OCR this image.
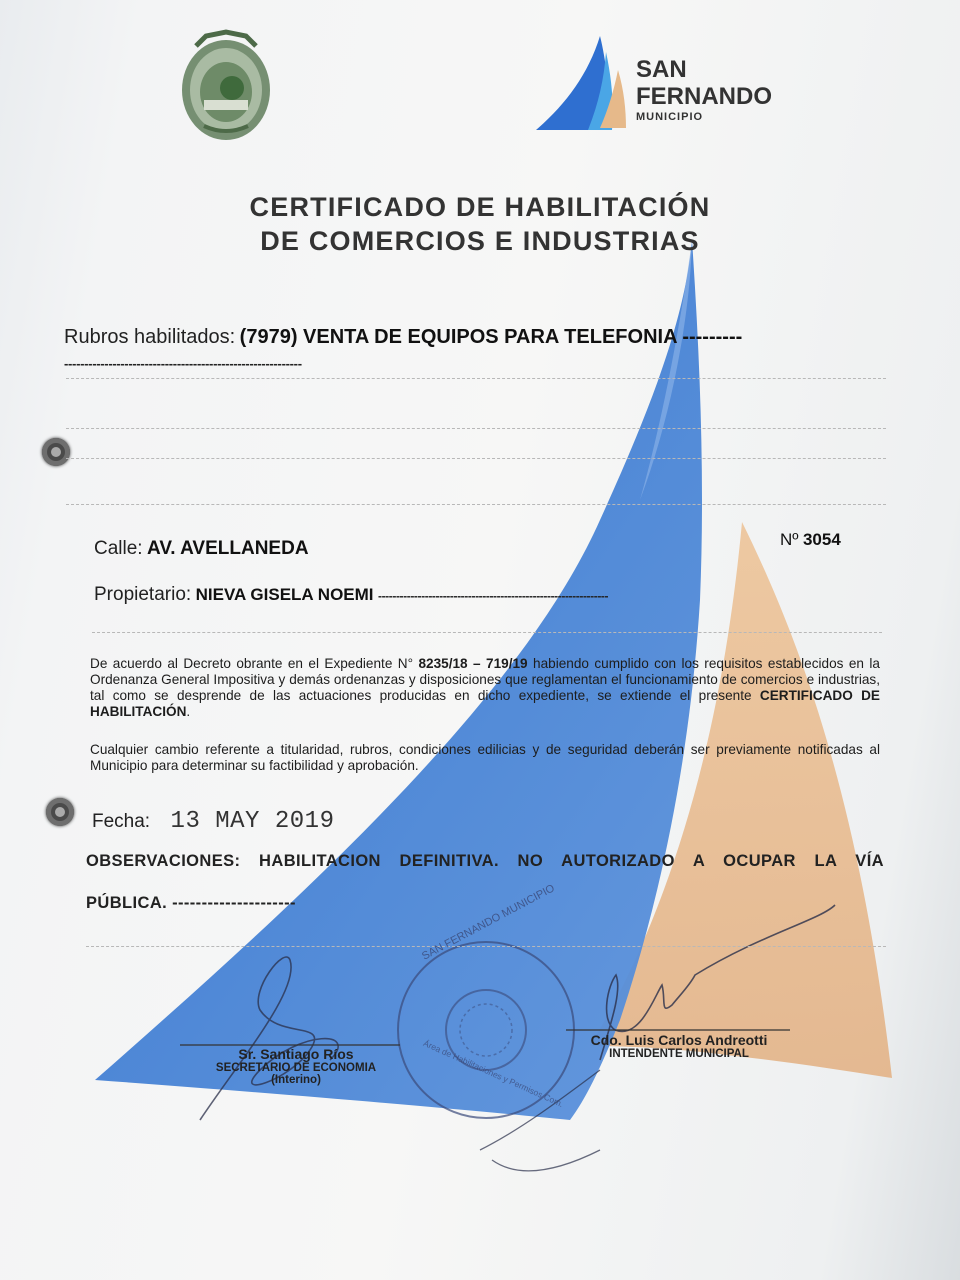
SAN
FERNANDO
MUNICIPIO
CERTIFICADO DE HABILITACIÓN
DE COMERCIOS E INDUSTRIAS
Rubros habilitados: (7979) VENTA DE EQUIPOS PARA TELEFONIA ---------
-----------------------------------------------------------
Calle: AV. AVELLANEDA	Nº 3054
Propietario: NIEVA GISELA NOEMI ----------------------------------------------------------------
De acuerdo al Decreto obrante en el Expediente N° 8235/18 – 719/19 habiendo cumplido con los requisitos establecidos en la Ordenanza General Impositiva y demás ordenanzas y disposiciones que reglamentan el funcionamiento de comercios e industrias, tal como se desprende de las actuaciones producidas en dicho expediente, se extiende el presente CERTIFICADO DE HABILITACIÓN.
Cualquier cambio referente a titularidad, rubros, condiciones edilicias y de seguridad deberán ser previamente notificadas al Municipio para determinar su factibilidad y aprobación.
Fecha: 13 MAY 2019
OBSERVACIONES: HABILITACION DEFINITIVA. NO AUTORIZADO A OCUPAR LA VÍA
PÚBLICA. ---------------------	SAN FERNANDO MUNICIPIO
Área de Habilitaciones y Permisos Com.
Sr. Santiago Ríos
SECRETARIO DE ECONOMIA
(Interino)
Cdo. Luis Carlos Andreotti
INTENDENTE MUNICIPAL
